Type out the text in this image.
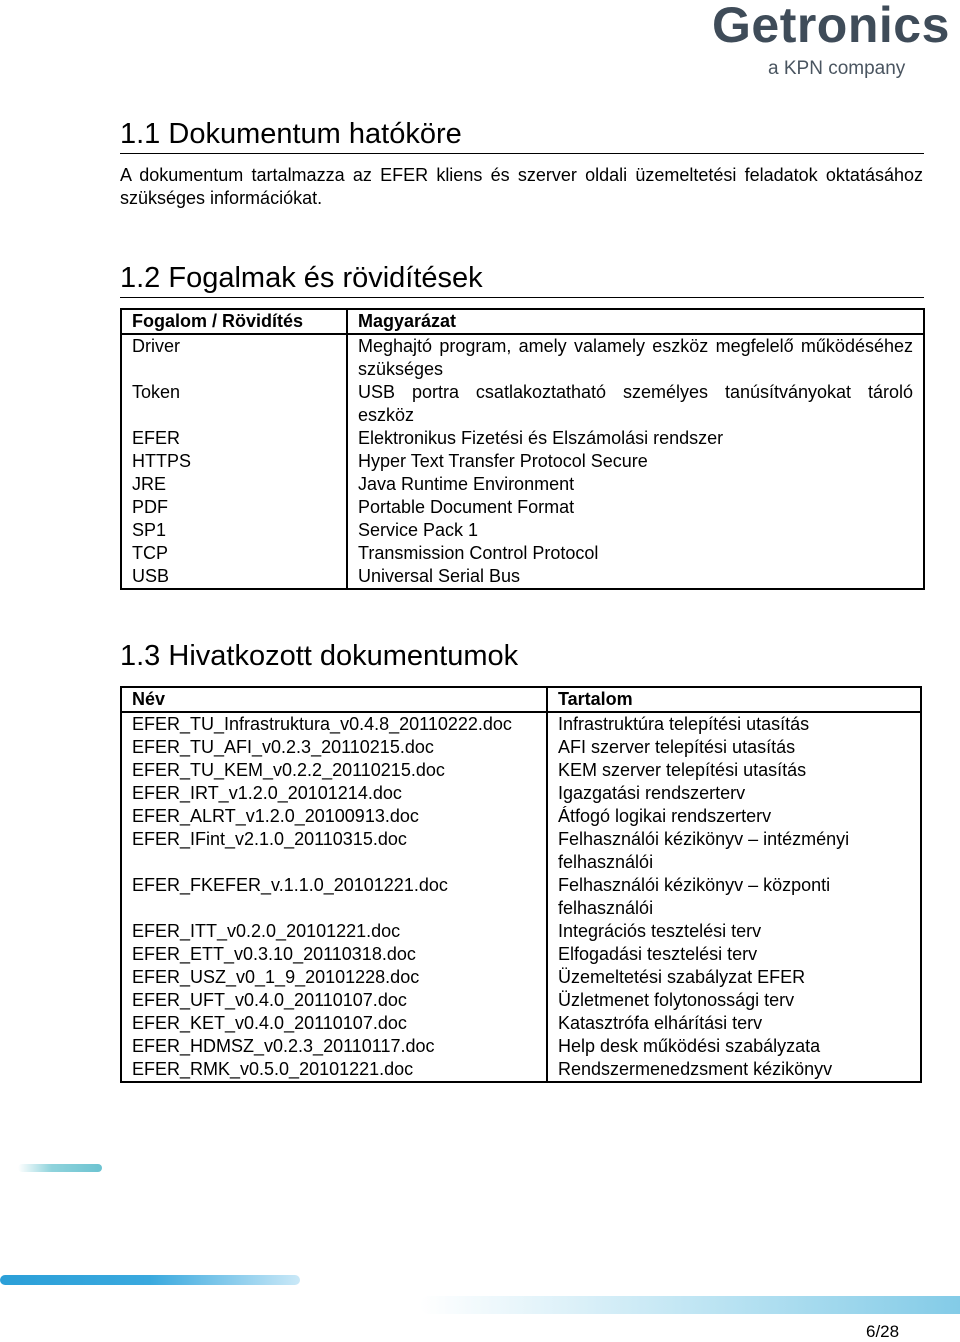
Getronics
a KPN company
1.1 Dokumentum hatóköre
A dokumentum tartalmazza az EFER kliens és szerver oldali üzemeltetési feladatok oktatásához szükséges információkat.
1.2 Fogalmak és rövidítések
Fogalom / Rövidítés	Magyarázat
Driver	Meghajtó program, amely valamely eszköz megfelelő működéséhez szükséges
Token	USB portra csatlakoztatható személyes tanúsítványokat tároló eszköz
EFER	Elektronikus Fizetési és Elszámolási rendszer
HTTPS	Hyper Text Transfer Protocol Secure
JRE	Java Runtime Environment
PDF	Portable Document Format
SP1	Service Pack 1
TCP	Transmission Control Protocol
USB	Universal Serial Bus
1.3 Hivatkozott dokumentumok
Név	Tartalom
EFER_TU_Infrastruktura_v0.4.8_20110222.doc	Infrastruktúra telepítési utasítás
EFER_TU_AFI_v0.2.3_20110215.doc	AFI szerver telepítési utasítás
EFER_TU_KEM_v0.2.2_20110215.doc	KEM szerver telepítési utasítás
EFER_IRT_v1.2.0_20101214.doc	Igazgatási rendszerterv
EFER_ALRT_v1.2.0_20100913.doc	Átfogó logikai rendszerterv
EFER_IFint_v2.1.0_20110315.doc	Felhasználói kézikönyv – intézményi felhasználói
EFER_FKEFER_v.1.1.0_20101221.doc	Felhasználói kézikönyv – központi felhasználói
EFER_ITT_v0.2.0_20101221.doc	Integrációs tesztelési terv
EFER_ETT_v0.3.10_20110318.doc	Elfogadási tesztelési terv
EFER_USZ_v0_1_9_20101228.doc	Üzemeltetési szabályzat EFER
EFER_UFT_v0.4.0_20110107.doc	Üzletmenet folytonossági terv
EFER_KET_v0.4.0_20110107.doc	Katasztrófa elhárítási terv
EFER_HDMSZ_v0.2.3_20110117.doc	Help desk működési szabályzata
EFER_RMK_v0.5.0_20101221.doc	Rendszermenedzsment kézikönyv
6/28
